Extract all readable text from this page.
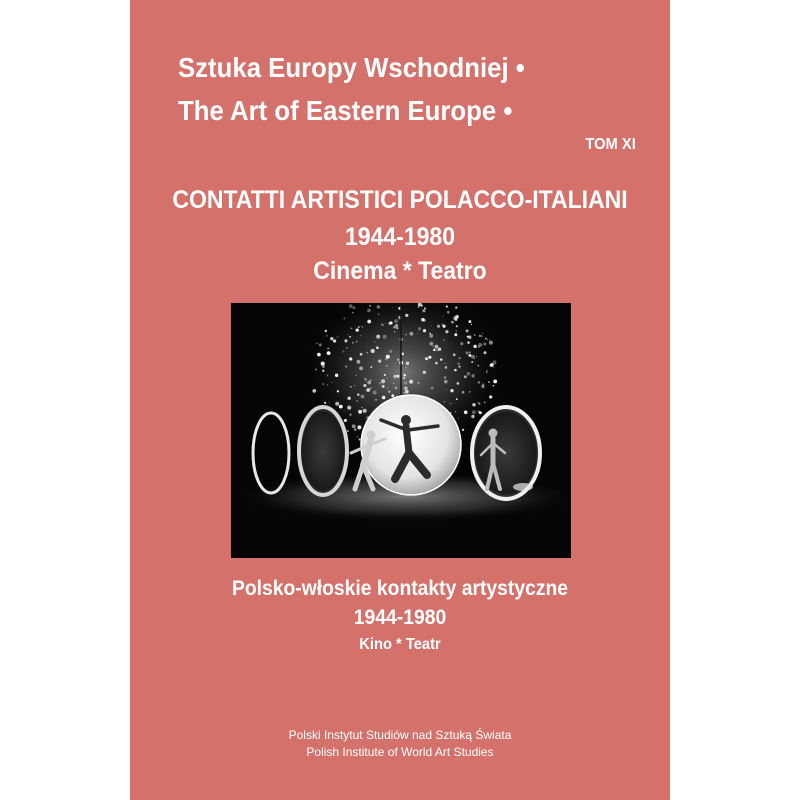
Sztuka Europy Wschodniej •
The Art of Eastern Europe •
TOM XI
CONTATTI ARTISTICI POLACCO-ITALIANI
1944-1980
Cinema * Teatro
Polsko-włoskie kontakty artystyczne
1944-1980
Kino * Teatr
Polski Instytut Studiów nad Sztuką Świata
Polish Institute of World Art Studies
